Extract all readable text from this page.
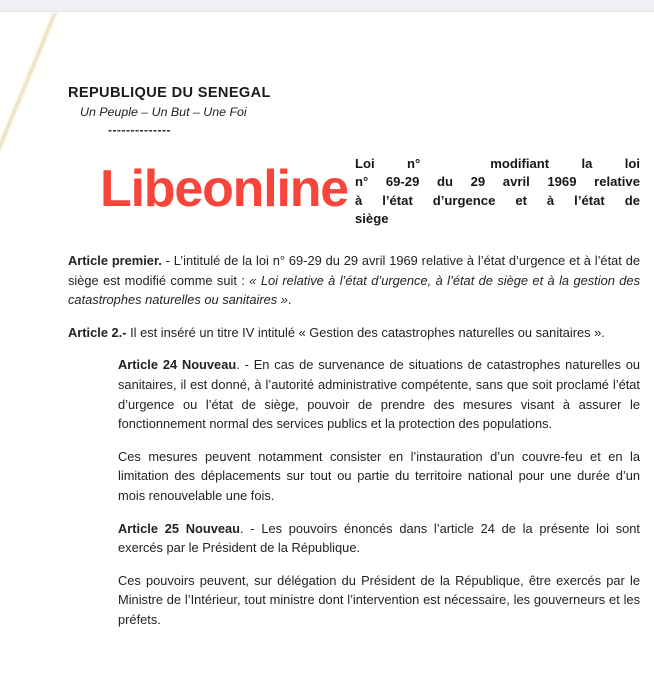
REPUBLIQUE DU SENEGAL
Un Peuple – Un But – Une Foi
--------------
Libeonline Loi n°	modifiant la loi
n° 69-29 du 29 avril 1969 relative
à l’état d’urgence et à l’état de
siège

Article premier. - L’intitulé de la loi n° 69-29 du 29 avril 1969 relative à l’état d’urgence et à l’état de siège est modifié comme suit : « Loi relative à l’état d’urgence, à l’état de siège et à la gestion des catastrophes naturelles ou sanitaires ».

Article 2.- Il est inséré un titre IV intitulé « Gestion des catastrophes naturelles ou sanitaires ».

Article 24 Nouveau. - En cas de survenance de situations de catastrophes naturelles ou sanitaires, il est donné, à l’autorité administrative compétente, sans que soit proclamé l’état d’urgence ou l’état de siège, pouvoir de prendre des mesures visant à assurer le fonctionnement normal des services publics et la protection des populations.

Ces mesures peuvent notamment consister en l’instauration d’un couvre-feu et en la limitation des déplacements sur tout ou partie du territoire national pour une durée d’un mois renouvelable une fois.

Article 25 Nouveau. - Les pouvoirs énoncés dans l’article 24 de la présente loi sont exercés par le Président de la République.

Ces pouvoirs peuvent, sur délégation du Président de la République, être exercés par le Ministre de l’Intérieur, tout ministre dont l’intervention est nécessaire, les gouverneurs et les préfets.
